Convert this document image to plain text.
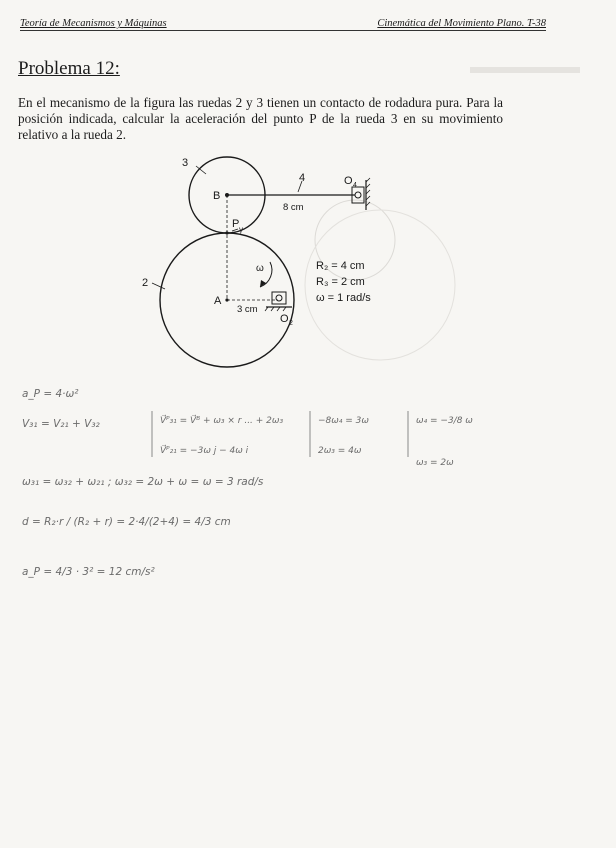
Teoría de Mecanismos y Máquinas	Cinemática del Movimiento Plano. T-38
Problema 12:
En el mecanismo de la figura las ruedas 2 y 3 tienen un contacto de rodadura pura. Para la posición indicada, calcular la aceleración del punto P de la rueda 3 en su movimiento relativo a la rueda 2.
3
2
4
B
P
A
O 4
O 2
ω
γ
8 cm
3 cm
R₂ = 4 cm
R₃ = 2 cm
ω = 1 rad/s
a_P = 4·ω²
V₃₁ = V₂₁ + V₃₂	V⃗ᴾ₃₁ = V⃗ᴮ + ω₃ × r ... + 2ω₃
V⃗ᴾ₂₁ = −3ω j − 4ω i
−8ω₄ = 3ω
2ω₃ = 4ω
ω₄ = −3/8 ω
ω₃ = 2ω
ω₃₁ = ω₃₂ + ω₂₁ ; ω₃₂ = 2ω + ω = ω = 3 rad/s
d = R₂·r / (R₂ + r) = 2·4/(2+4) = 4/3 cm
a_P = 4/3 · 3² = 12 cm/s²
